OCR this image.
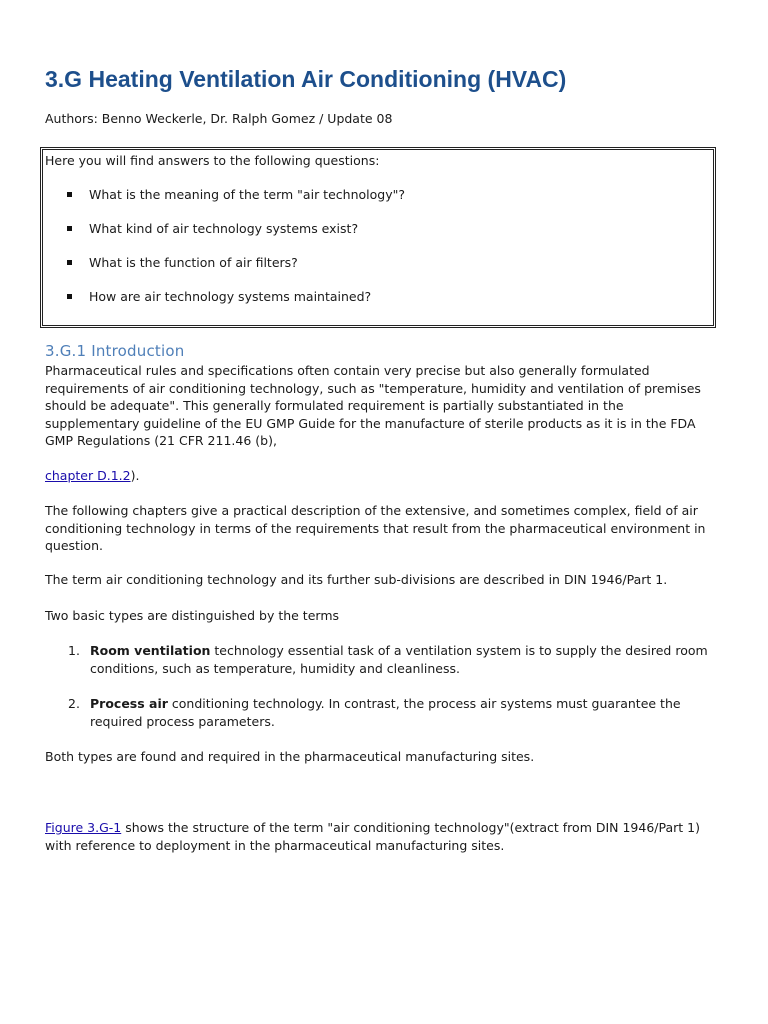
3.G Heating Ventilation Air Conditioning (HVAC)

Authors: Benno Weckerle, Dr. Ralph Gomez / Update 08

Here you will find answers to the following questions:

What is the meaning of the term "air technology"?
What kind of air technology systems exist?
What is the function of air filters?
How are air technology systems maintained?
3.G.1 Introduction

Pharmaceutical rules and specifications often contain very precise but also generally formulated requirements of air conditioning technology, such as "temperature, humidity and ventilation of premises should be adequate". This generally formulated requirement is partially substantiated in the supplementary guideline of the EU GMP Guide for the manufacture of sterile products as it is in the FDA GMP Regulations (21 CFR 211.46 (b),

chapter D.1.2).

The following chapters give a practical description of the extensive, and sometimes complex, field of air conditioning technology in terms of the requirements that result from the pharmaceutical environment in question.

The term air conditioning technology and its further sub-divisions are described in DIN 1946/Part 1.

Two basic types are distinguished by the terms

1. Room ventilation technology essential task of a ventilation system is to supply the desired room conditions, such as temperature, humidity and cleanliness.
2. Process air conditioning technology. In contrast, the process air systems must guarantee the required process parameters.

Both types are found and required in the pharmaceutical manufacturing sites.

Figure 3.G-1 shows the structure of the term "air conditioning technology"(extract from DIN 1946/Part 1) with reference to deployment in the pharmaceutical manufacturing sites.
